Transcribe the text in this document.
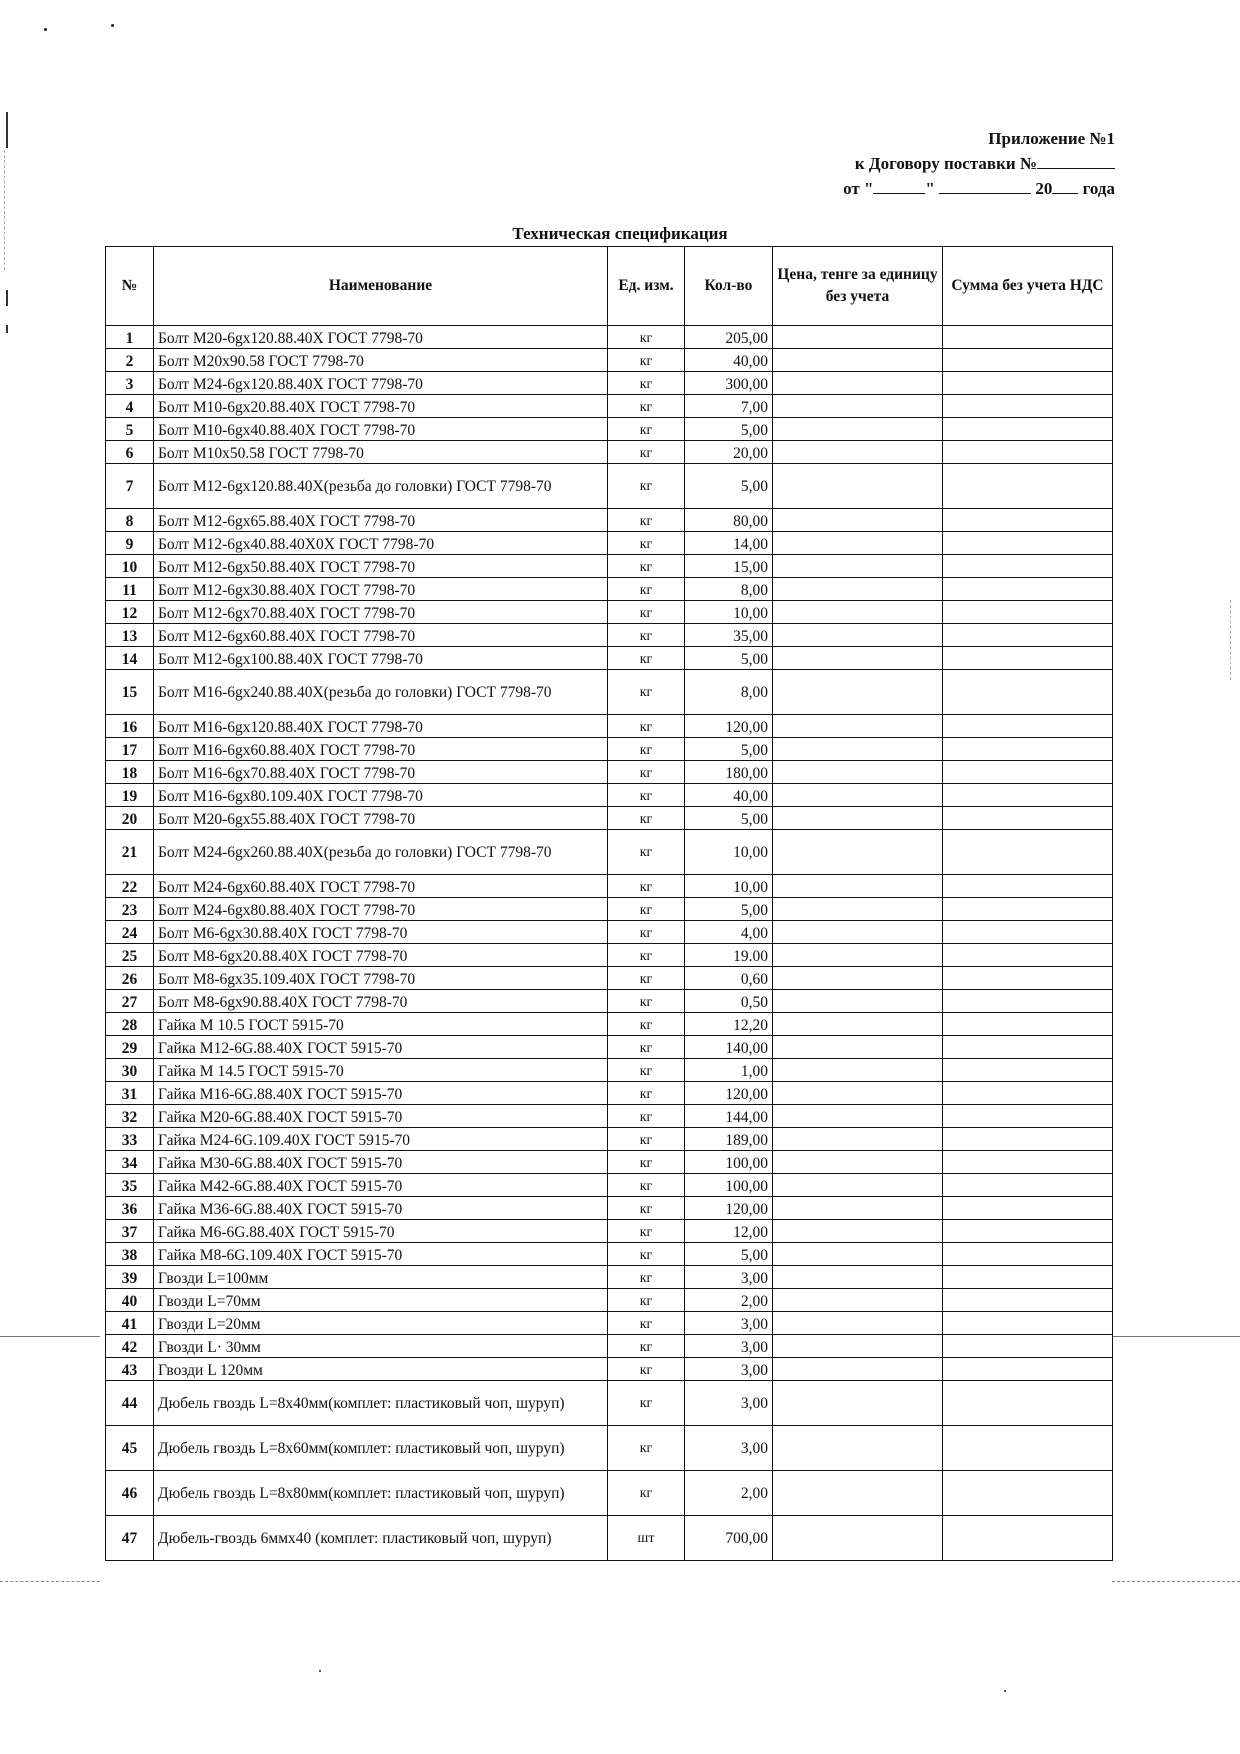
Приложение №1
к Договору поставки №
от "	"	20 года
Техническая спецификация
№	Наименование	Ед. изм.	Кол-во	Цена, тенге за единицу без учета	Сумма без учета НДС
1	Болт M20-6gx120.88.40X ГОСТ 7798-70	кг	205,00		
2	Болт M20x90.58 ГОСТ 7798-70	кг	40,00		
3	Болт M24-6gx120.88.40X ГОСТ 7798-70	кг	300,00		
4	Болт M10-6gx20.88.40X ГОСТ 7798-70	кг	7,00		
5	Болт M10-6gx40.88.40X ГОСТ 7798-70	кг	5,00		
6	Болт M10x50.58 ГОСТ 7798-70	кг	20,00		
7	Болт M12-6gx120.88.40X(резьба до головки) ГОСТ 7798-70	кг	5,00		
8	Болт M12-6gx65.88.40X ГОСТ 7798-70	кг	80,00		
9	Болт M12-6gx40.88.40X0X ГОСТ 7798-70	кг	14,00		
10	Болт M12-6gx50.88.40X ГОСТ 7798-70	кг	15,00		
11	Болт M12-6gx30.88.40X ГОСТ 7798-70	кг	8,00		
12	Болт M12-6gx70.88.40X ГОСТ 7798-70	кг	10,00		
13	Болт M12-6gx60.88.40X ГОСТ 7798-70	кг	35,00		
14	Болт M12-6gx100.88.40X ГОСТ 7798-70	кг	5,00		
15	Болт M16-6gx240.88.40X(резьба до головки) ГОСТ 7798-70	кг	8,00		
16	Болт M16-6gx120.88.40X ГОСТ 7798-70	кг	120,00		
17	Болт M16-6gx60.88.40X ГОСТ 7798-70	кг	5,00		
18	Болт M16-6gx70.88.40X ГОСТ 7798-70	кг	180,00		
19	Болт M16-6gx80.109.40X ГОСТ 7798-70	кг	40,00		
20	Болт M20-6gx55.88.40X ГОСТ 7798-70	кг	5,00		
21	Болт M24-6gx260.88.40X(резьба до головки) ГОСТ 7798-70	кг	10,00		
22	Болт M24-6gx60.88.40X ГОСТ 7798-70	кг	10,00		
23	Болт M24-6gx80.88.40X ГОСТ 7798-70	кг	5,00		
24	Болт M6-6gx30.88.40X ГОСТ 7798-70	кг	4,00		
25	Болт M8-6gx20.88.40X ГОСТ 7798-70	кг	19.00		
26	Болт M8-6gx35.109.40X ГОСТ 7798-70	кг	0,60		
27	Болт M8-6gx90.88.40X ГОСТ 7798-70	кг	0,50		
28	Гайка M 10.5 ГОСТ 5915-70	кг	12,20		
29	Гайка M12-6G.88.40X ГОСТ 5915-70	кг	140,00		
30	Гайка M 14.5 ГОСТ 5915-70	кг	1,00		
31	Гайка M16-6G.88.40X ГОСТ 5915-70	кг	120,00		
32	Гайка M20-6G.88.40X ГОСТ 5915-70	кг	144,00		
33	Гайка M24-6G.109.40X ГОСТ 5915-70	кг	189,00		
34	Гайка M30-6G.88.40X ГОСТ 5915-70	кг	100,00		
35	Гайка M42-6G.88.40X ГОСТ 5915-70	кг	100,00		
36	Гайка M36-6G.88.40X ГОСТ 5915-70	кг	120,00		
37	Гайка M6-6G.88.40X ГОСТ 5915-70	кг	12,00		
38	Гайка M8-6G.109.40X ГОСТ 5915-70	кг	5,00		
39	Гвозди L=100мм	кг	3,00		
40	Гвозди L=70мм	кг	2,00		
41	Гвозди L=20мм	кг	3,00		
42	Гвозди L· 30мм	кг	3,00		
43	Гвозди L 120мм	кг	3,00		
44	Дюбель гвоздь L=8x40мм(комплет: пластиковый чоп, шуруп)	кг	3,00		
45	Дюбель гвоздь L=8x60мм(комплет: пластиковый чоп, шуруп)	кг	3,00		
46	Дюбель гвоздь L=8x80мм(комплет: пластиковый чоп, шуруп)	кг	2,00		
47	Дюбель-гвоздь 6ммх40 (комплет: пластиковый чоп, шуруп)	шт	700,00		
